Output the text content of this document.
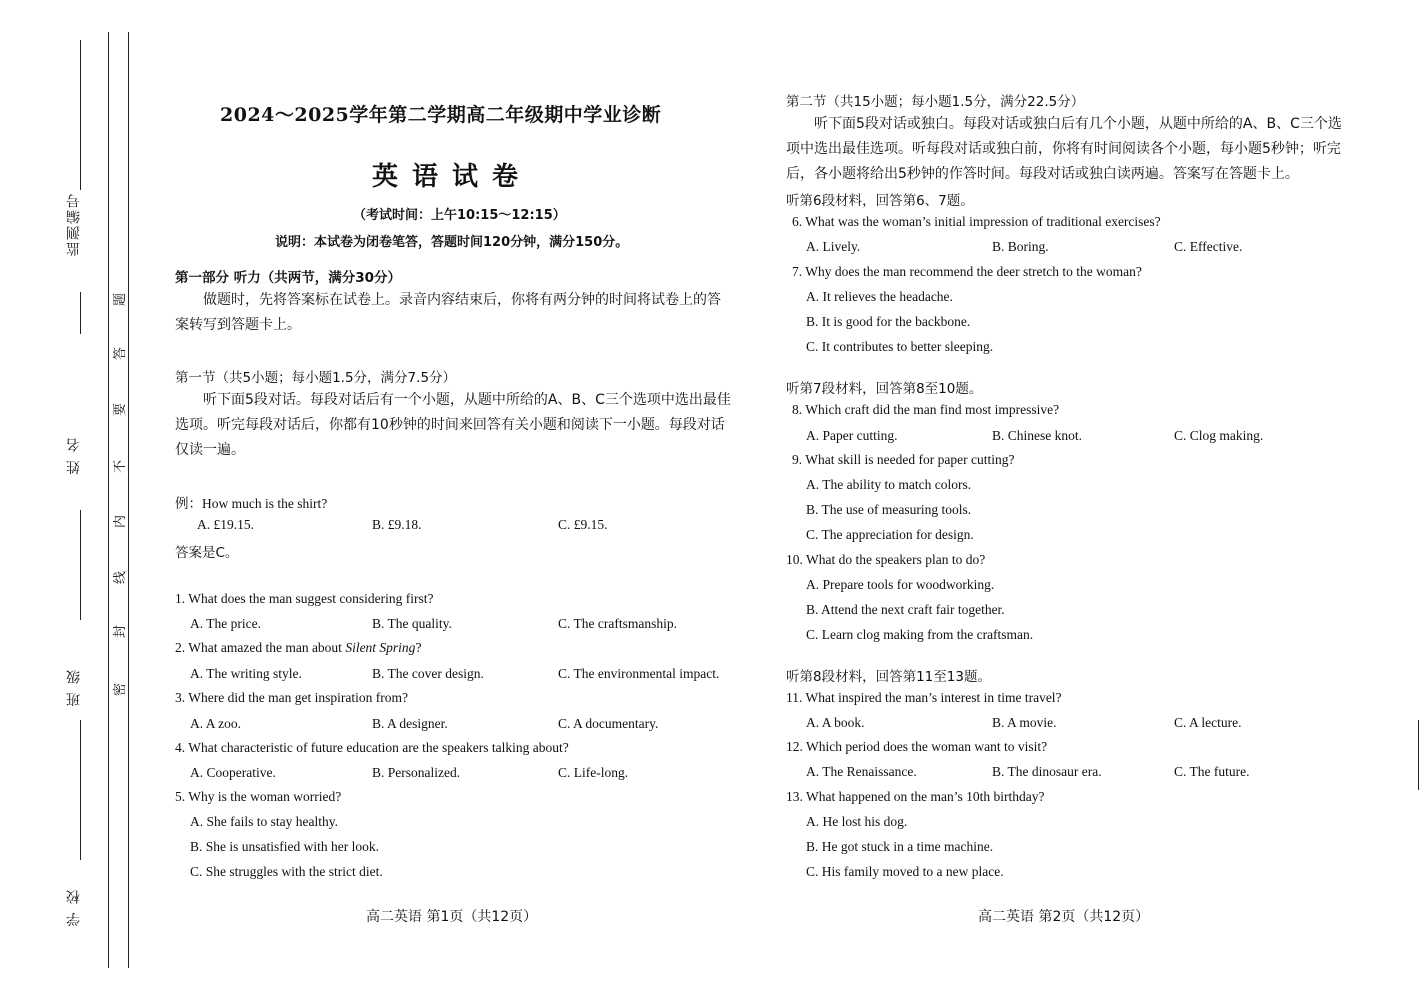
监测编号
姓 名
班 级
学 校
密
封
线
内
不
要
答
题
2024～2025学年第二学期高二年级期中学业诊断
英语试卷
（考试时间：上午10:15～12:15）
说明：本试卷为闭卷笔答，答题时间120分钟，满分150分。
第一部分 听力（共两节，满分30分）
做题时，先将答案标在试卷上。录音内容结束后，你将有两分钟的时间将试卷上的答案转写到答题卡上。
第一节（共5小题；每小题1.5分，满分7.5分）
听下面5段对话。每段对话后有一个小题，从题中所给的A、B、C三个选项中选出最佳选项。听完每段对话后，你都有10秒钟的时间来回答有关小题和阅读下一小题。每段对话仅读一遍。
例：How much is the shirt?
A. £19.15.	B. £9.18.	C. £9.15.
答案是C。
1. What does the man suggest considering first?
A. The price.	B. The quality.	C. The craftsmanship.
2. What amazed the man about Silent Spring?
A. The writing style.	B. The cover design.	C. The environmental impact.
3. Where did the man get inspiration from?
A. A zoo.	B. A designer.	C. A documentary.
4. What characteristic of future education are the speakers talking about?
A. Cooperative.	B. Personalized.	C. Life-long.
5. Why is the woman worried?
A. She fails to stay healthy.
B. She is unsatisfied with her look.
C. She struggles with the strict diet.
高二英语 第1页（共12页）
第二节（共15小题；每小题1.5分，满分22.5分）
听下面5段对话或独白。每段对话或独白后有几个小题，从题中所给的A、B、C三个选项中选出最佳选项。听每段对话或独白前，你将有时间阅读各个小题，每小题5秒钟；听完后，各小题将给出5秒钟的作答时间。每段对话或独白读两遍。答案写在答题卡上。
听第6段材料，回答第6、7题。
6. What was the woman’s initial impression of traditional exercises?
A. Lively.	B. Boring.	C. Effective.
7. Why does the man recommend the deer stretch to the woman?
A. It relieves the headache.
B. It is good for the backbone.
C. It contributes to better sleeping.
听第7段材料，回答第8至10题。
8. Which craft did the man find most impressive?
A. Paper cutting.	B. Chinese knot.	C. Clog making.
9. What skill is needed for paper cutting?
A. The ability to match colors.
B. The use of measuring tools.
C. The appreciation for design.
10. What do the speakers plan to do?
A. Prepare tools for woodworking.
B. Attend the next craft fair together.
C. Learn clog making from the craftsman.
听第8段材料，回答第11至13题。
11. What inspired the man’s interest in time travel?
A. A book.	B. A movie.	C. A lecture.
12. Which period does the woman want to visit?
A. The Renaissance.	B. The dinosaur era.	C. The future.
13. What happened on the man’s 10th birthday?
A. He lost his dog.
B. He got stuck in a time machine.
C. His family moved to a new place.
高二英语 第2页（共12页）
